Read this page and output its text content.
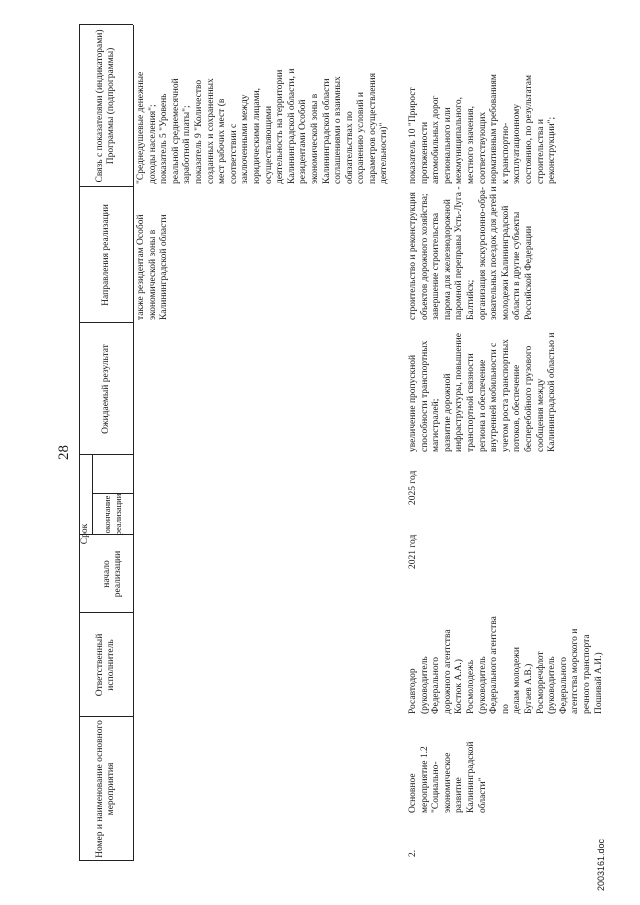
28
Номер и наименование основного мероприятия
Ответственный исполнитель
Срок
начало реализации
окончание реализации
Ожидаемый результат
Направления реализации
Связь с показателями (индикаторами) Программы (подпрограммы)
также резидентам Особой
экономической зоны в
Калининградской области
"Среднедушевые денежные
доходы населения";
показатель 5 "Уровень
реальной среднемесячной
заработной платы";
показатель 9 "Количество
созданных и сохраненных
мест рабочих мест (в
соответствии с
заключенными между
юридическими лицами,
осуществляющими
деятельность на территории
Калининградской области, и
резидентами Особой
экономической зоны в
Калининградской области
соглашениями о взаимных
обязательствах по
сохранению условий и
параметров осуществления
деятельности)"
2.
Основное
мероприятие 1.2
"Социально-
экономическое
развитие
Калининградской
области"
Росавтодор
(руководитель Федерального
дорожного агентства
Костюк А.А.)
Росмолодежь (руководитель
Федерального агентства по
делам молодежи
Бугаев А.В.)
Росморречфлот
(руководитель Федерального
агентства морского и
речного транспорта
Пошивай А.И.)
2021 год
2025 год
увеличение пропускной
способности транспортных
магистралей;
развитие дорожной
инфраструктуры, повышение
транспортной связности
региона и обеспечение
внутренней мобильности с
учетом роста транспортных
потоков, обеспечение
бесперебойного грузового
сообщения между
Калининградской областью и
строительство и реконструкция
объектов дорожного хозяйства;
завершение строительства
парома для железнодорожной
паромной переправы Усть-Луга -
Балтийск;
организация экскурсионно-обра-
зовательных поездок для детей и
молодежи Калининградской
области в другие субъекты
Российской Федерации
показатель 10 "Прирост
протяженности
автомобильных дорог
регионального или
межмуниципального,
местного значения,
соответствующих
нормативным требованиям
к транспортно-
эксплуатационному
состоянию, по результатам
строительства и
реконструкции";
2003161.doc
